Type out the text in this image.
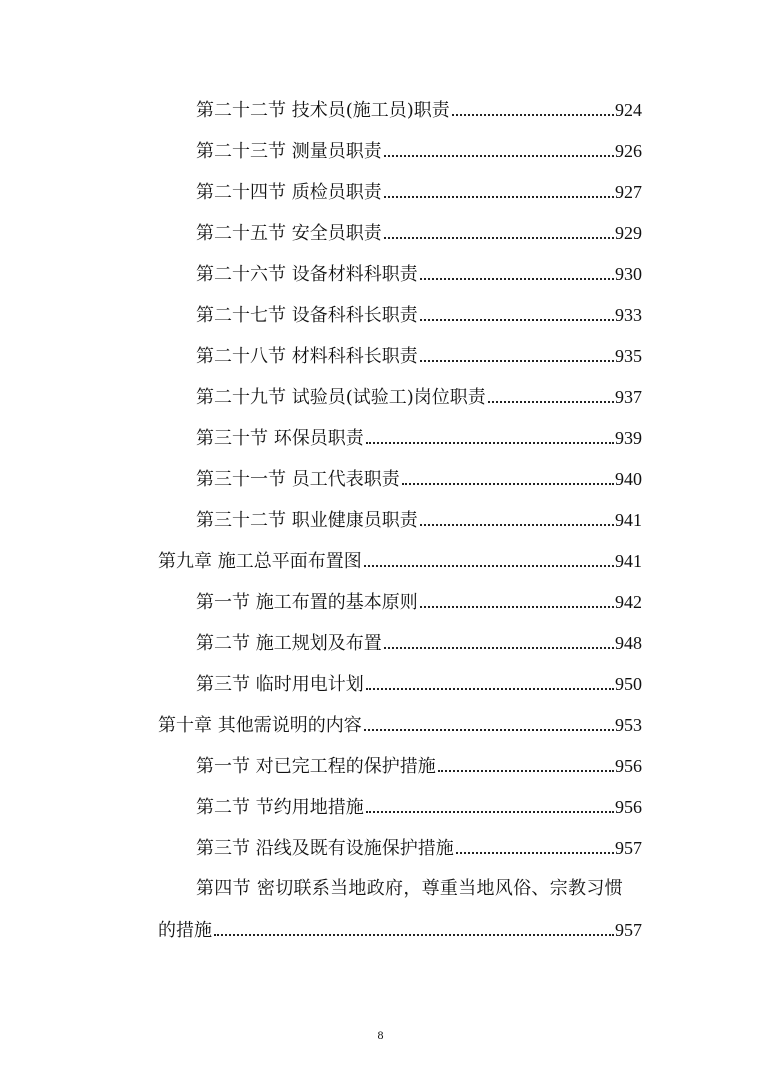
第二十二节 技术员(施工员)职责	924
第二十三节 测量员职责	926
第二十四节 质检员职责	927
第二十五节 安全员职责	929
第二十六节 设备材料科职责	930
第二十七节 设备科科长职责	933
第二十八节 材料科科长职责	935
第二十九节 试验员(试验工)岗位职责	937
第三十节 环保员职责	939
第三十一节 员工代表职责	940
第三十二节 职业健康员职责	941
第九章 施工总平面布置图	941
第一节 施工布置的基本原则	942
第二节 施工规划及布置	948
第三节 临时用电计划	950
第十章 其他需说明的内容	953
第一节 对已完工程的保护措施	956
第二节 节约用地措施	956
第三节 沿线及既有设施保护措施	957
第四节 密切联系当地政府，尊重当地风俗、宗教习惯
的措施	957
8
